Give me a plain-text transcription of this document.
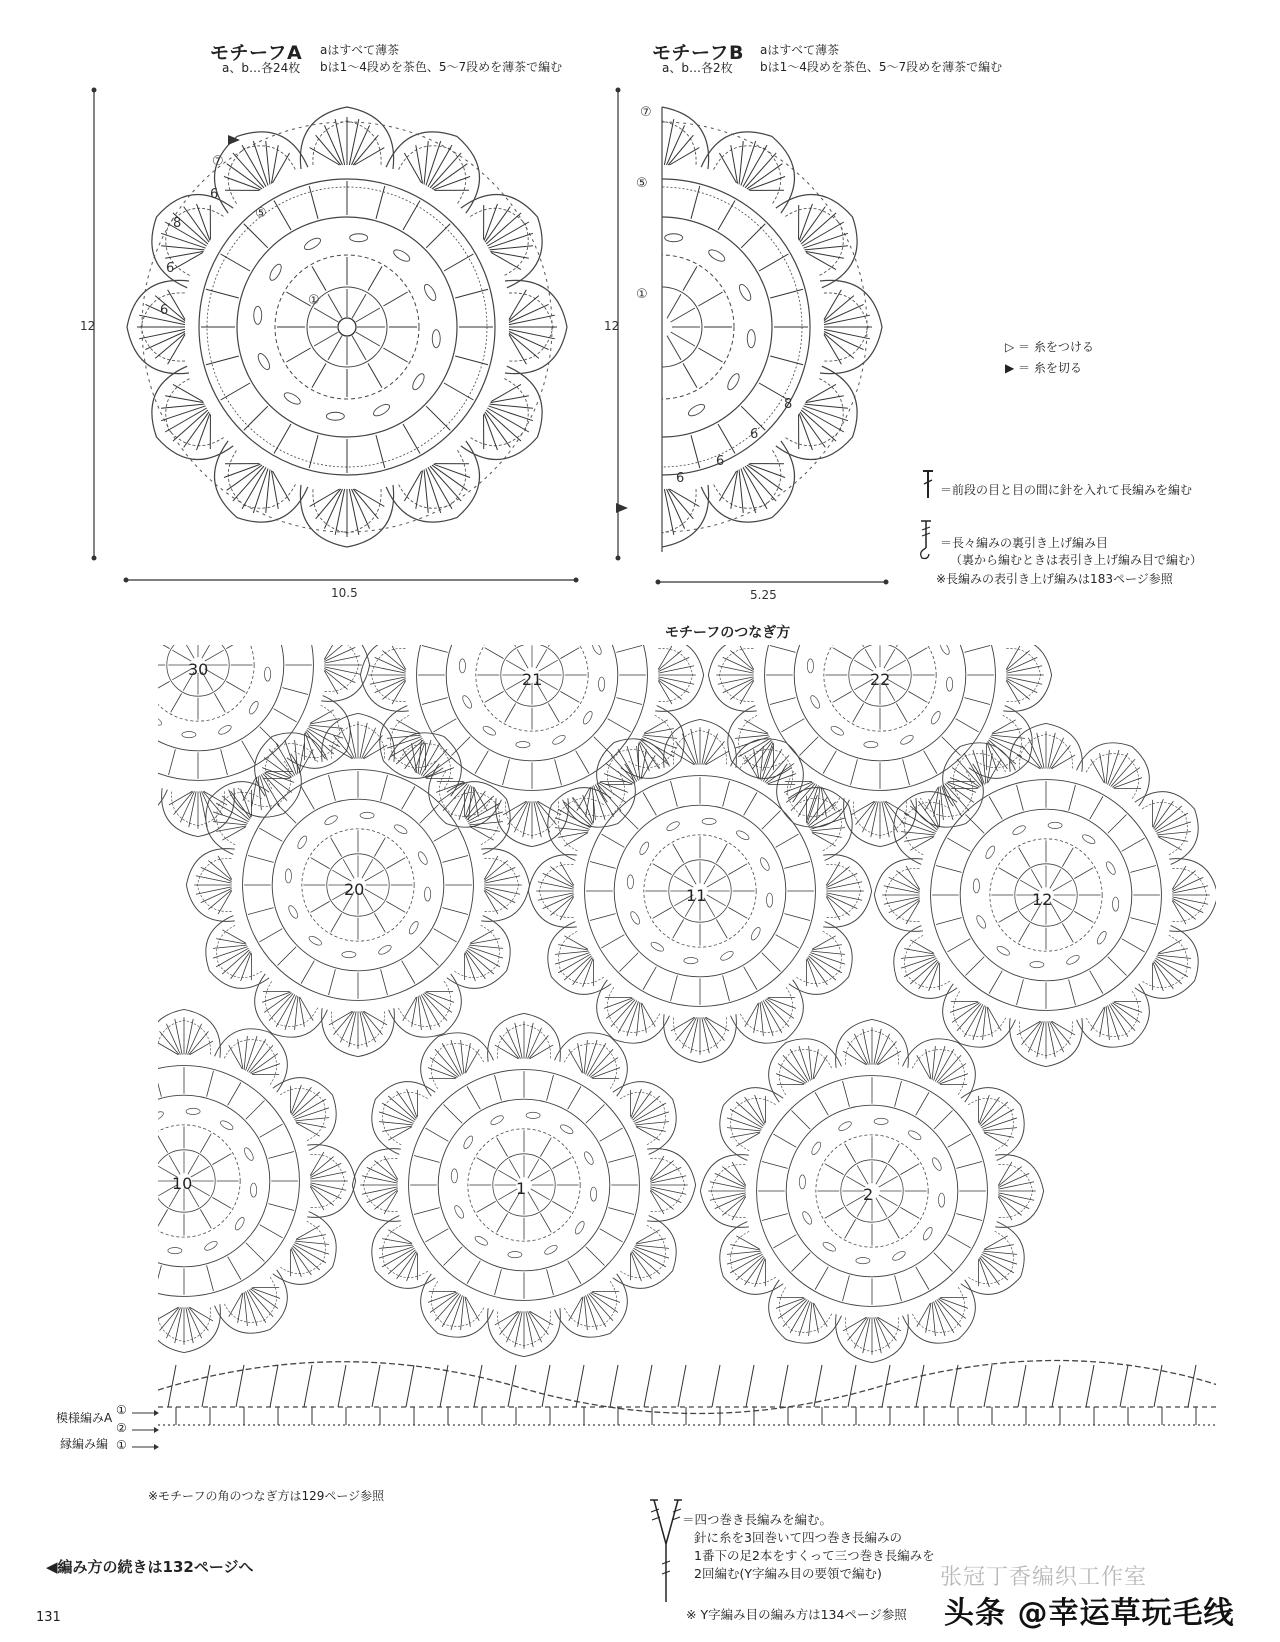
モチーフA
a、b…各24枚
aはすべて薄茶
bは1～4段めを茶色、5～7段めを薄茶で編む
モチーフB
a、b…各2枚
aはすべて薄茶
bは1～4段めを茶色、5～7段めを薄茶で編む
12
10.5
①
⑤
⑦
6
8
6
6
12
5.25
⑦
⑤
①
8
6
6
6
▷ ＝ 糸をつける
▶ ＝ 糸を切る
＝前段の目と目の間に針を入れて長編みを編む
＝長々編みの裏引き上げ編み目
（裏から編むときは表引き上げ編み目で編む）
※長編みの表引き上げ編みは183ページ参照
モチーフのつなぎ方
30
21	22
20	11	12
10	1	2
模様編みA
①
②
縁編み編 ①
※モチーフの角のつなぎ方は129ページ参照
＝四つ巻き長編みを編む。
針に糸を3回巻いて四つ巻き長編みの
1番下の足2本をすくって三つ巻き長編みを
2回編む(Y字編み目の要領で編む)
※ Y字編み目の編み方は134ページ参照
◀編み方の続きは132ページへ
131
张冠丁香编织工作室
头条 @幸运草玩毛线
